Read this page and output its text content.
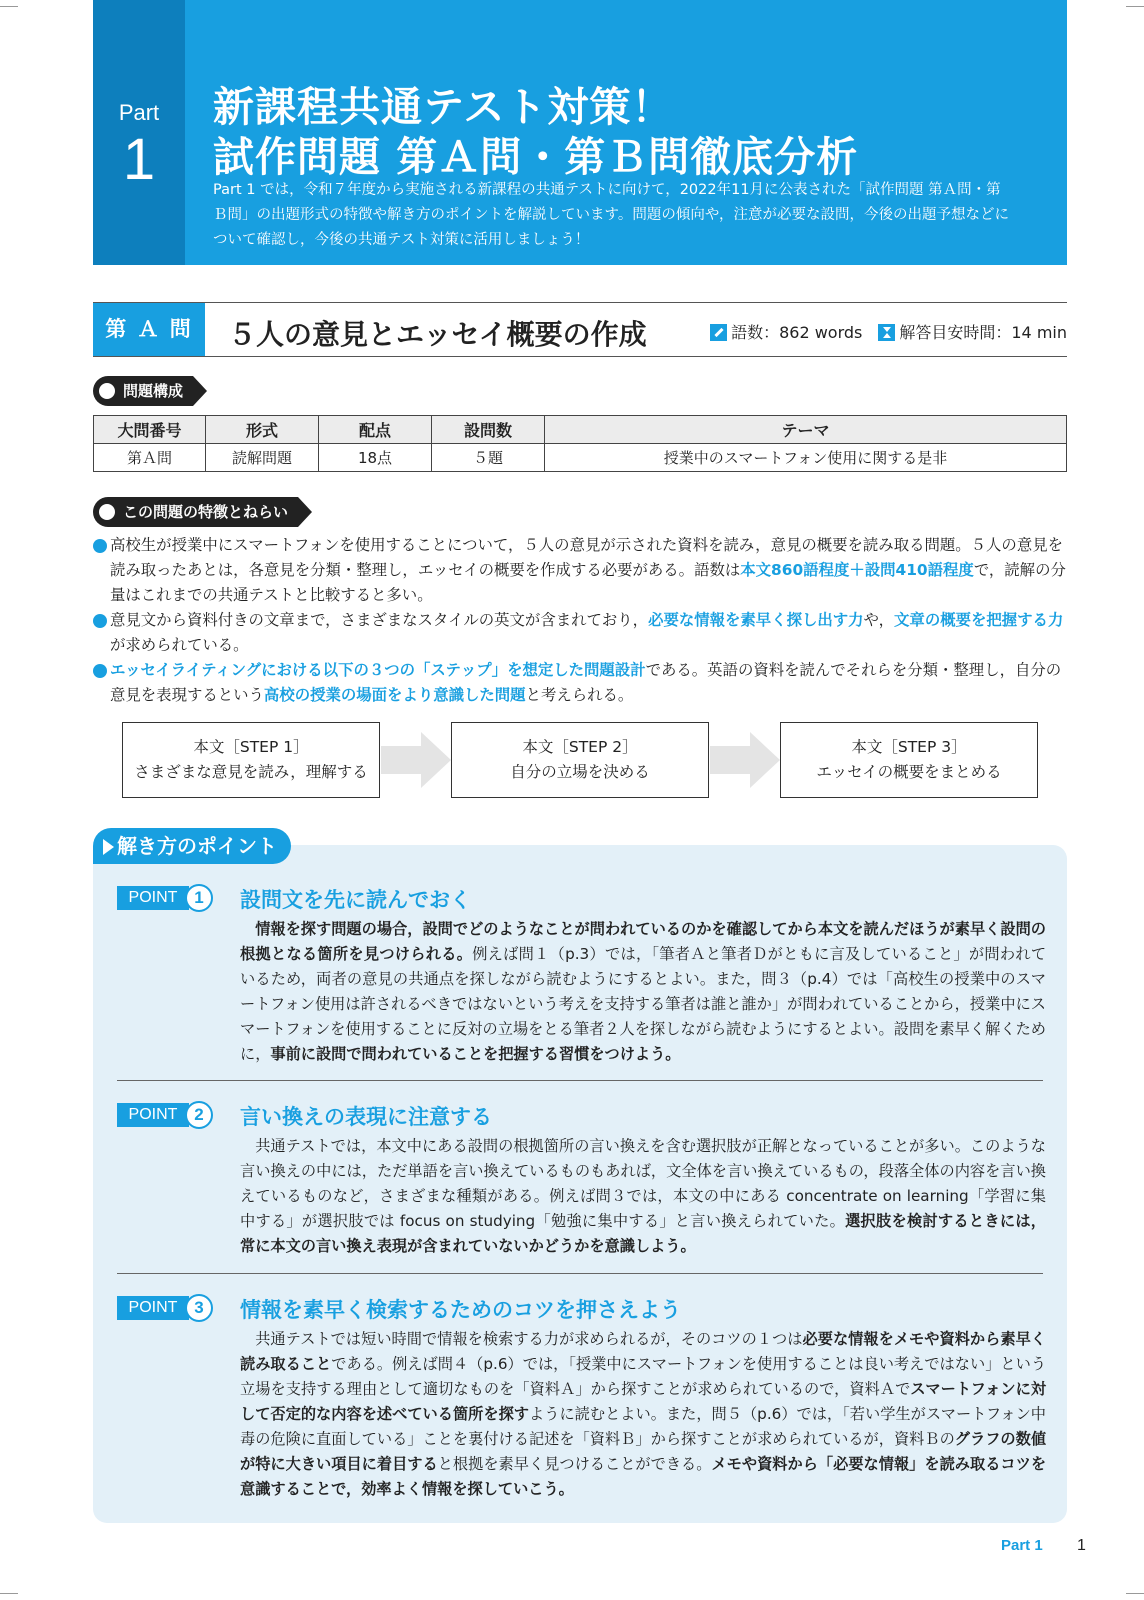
Part
1
新課程共通テスト対策！
試作問題 第Ａ問・第Ｂ問徹底分析
Part 1 では，令和７年度から実施される新課程の共通テストに向けて，2022年11月に公表された「試作問題 第Ａ問・第Ｂ問」の出題形式の特徴や解き方のポイントを解説しています。問題の傾向や，注意が必要な設問，今後の出題予想などについて確認し，今後の共通テスト対策に活用しましょう！
第 Ａ 問	５人の意見とエッセイ概要の作成	語数：862 words 解答目安時間：14 min
問題構成
大問番号	形式	配点	設問数	テーマ
第Ａ問	読解問題	18点	５題	授業中のスマートフォン使用に関する是非
この問題の特徴とねらい
高校生が授業中にスマートフォンを使用することについて，５人の意見が示された資料を読み，意見の概要を読み取る問題。５人の意見を読み取ったあとは，各意見を分類・整理し，エッセイの概要を作成する必要がある。語数は本文860語程度＋設問410語程度で，読解の分量はこれまでの共通テストと比較すると多い。
意見文から資料付きの文章まで，さまざまなスタイルの英文が含まれており，必要な情報を素早く探し出す力や，文章の概要を把握する力が求められている。
エッセイライティングにおける以下の３つの「ステップ」を想定した問題設計である。英語の資料を読んでそれらを分類・整理し，自分の意見を表現するという高校の授業の場面をより意識した問題と考えられる。
本文［STEP 1］
さまざまな意見を読み，理解する
本文［STEP 2］
自分の立場を決める
本文［STEP 3］
エッセイの概要をまとめる
解き方のポイント
POINT 1	設問文を先に読んでおく
情報を探す問題の場合，設問でどのようなことが問われているのかを確認してから本文を読んだほうが素早く設問の根拠となる箇所を見つけられる。例えば問１（p.3）では，「筆者Ａと筆者Ｄがともに言及していること」が問われているため，両者の意見の共通点を探しながら読むようにするとよい。また，問３（p.4）では「高校生の授業中のスマートフォン使用は許されるべきではないという考えを支持する筆者は誰と誰か」が問われていることから，授業中にスマートフォンを使用することに反対の立場をとる筆者２人を探しながら読むようにするとよい。設問を素早く解くために，事前に設問で問われていることを把握する習慣をつけよう。
POINT 2	言い換えの表現に注意する
共通テストでは，本文中にある設問の根拠箇所の言い換えを含む選択肢が正解となっていることが多い。このような言い換えの中には，ただ単語を言い換えているものもあれば，文全体を言い換えているもの，段落全体の内容を言い換えているものなど，さまざまな種類がある。例えば問３では，本文の中にある concentrate on learning「学習に集中する」が選択肢では focus on studying「勉強に集中する」と言い換えられていた。選択肢を検討するときには，常に本文の言い換え表現が含まれていないかどうかを意識しよう。
POINT 3	情報を素早く検索するためのコツを押さえよう
共通テストでは短い時間で情報を検索する力が求められるが，そのコツの１つは必要な情報をメモや資料から素早く読み取ることである。例えば問４（p.6）では，「授業中にスマートフォンを使用することは良い考えではない」という立場を支持する理由として適切なものを「資料Ａ」から探すことが求められているので，資料Ａでスマートフォンに対して否定的な内容を述べている箇所を探すように読むとよい。また，問５（p.6）では，「若い学生がスマートフォン中毒の危険に直面している」ことを裏付ける記述を「資料Ｂ」から探すことが求められているが，資料Ｂのグラフの数値が特に大きい項目に着目すると根拠を素早く見つけることができる。メモや資料から「必要な情報」を読み取るコツを意識することで，効率よく情報を探していこう。
Part 1 1
